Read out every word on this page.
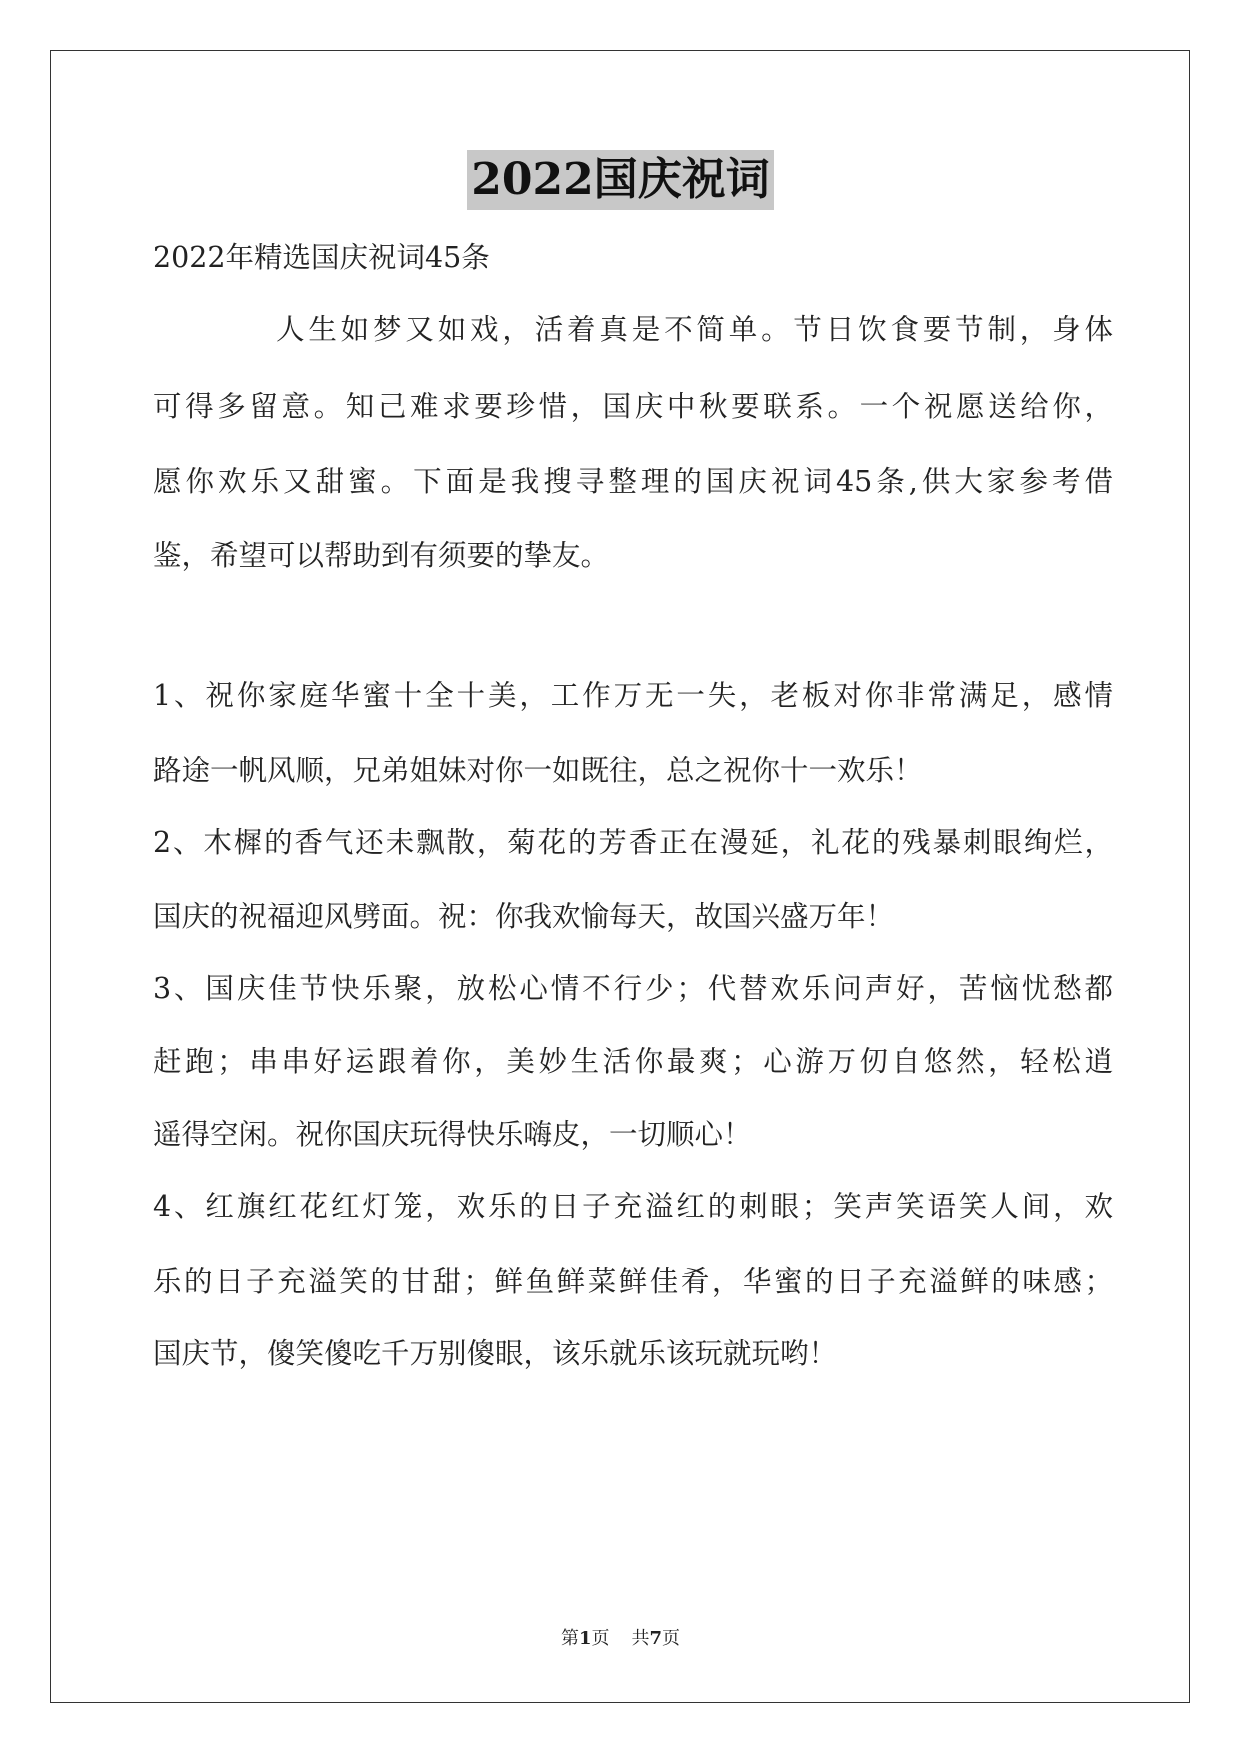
2022国庆祝词

2022年精选国庆祝词45条

人生如梦又如戏，活着真是不简单。节日饮食要节制，身体

可得多留意。知己难求要珍惜，国庆中秋要联系。一个祝愿送给你，

愿你欢乐又甜蜜。下面是我搜寻整理的国庆祝词45条,供大家参考借

鉴，希望可以帮助到有须要的挚友。

1、祝你家庭华蜜十全十美，工作万无一失，老板对你非常满足，感情

路途一帆风顺，兄弟姐妹对你一如既往，总之祝你十一欢乐！

2、木樨的香气还未飘散，菊花的芳香正在漫延，礼花的残暴刺眼绚烂，

国庆的祝福迎风劈面。祝：你我欢愉每天，故国兴盛万年！

3、国庆佳节快乐聚，放松心情不行少；代替欢乐问声好，苦恼忧愁都

赶跑；串串好运跟着你，美妙生活你最爽；心游万仞自悠然，轻松逍

遥得空闲。祝你国庆玩得快乐嗨皮，一切顺心！

4、红旗红花红灯笼，欢乐的日子充溢红的刺眼；笑声笑语笑人间，欢

乐的日子充溢笑的甘甜；鲜鱼鲜菜鲜佳肴，华蜜的日子充溢鲜的味感；

国庆节，傻笑傻吃千万别傻眼，该乐就乐该玩就玩哟！

第1页 共7页
